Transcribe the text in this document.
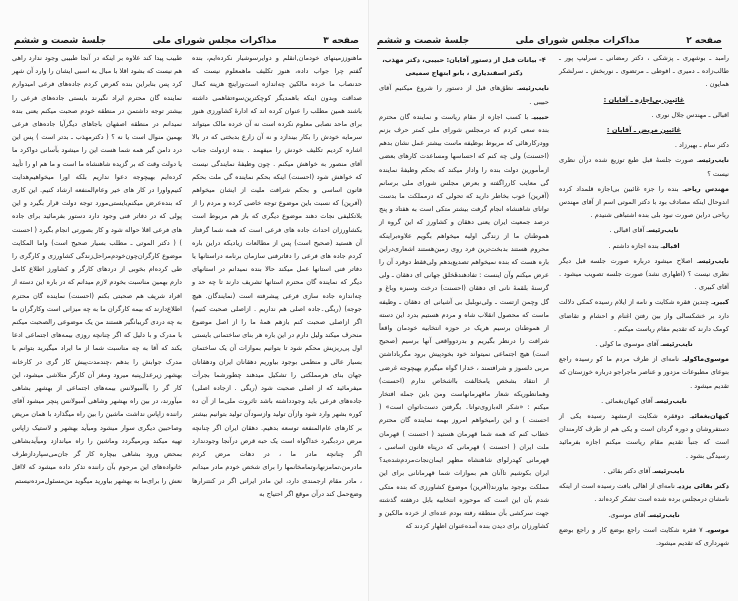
صفحه ۳
مذاکرات مجلس شورای ملی
جلسهٔ شصت و ششم

ماهنوززمینهای خودمان,انقلم و دوایرسوشیار نکرده‌ایم، بنده گفتم چرا جواب داده، هنوز تکلیف ماهمعلوم نیست که حدنصاب ما خرده مالکین چه‌اندازه است‌وزاینچ هزینه کمال صداقت وبدون اینکه باهمدیگر کوچکترین‌سوءتفاهمی داشته باشند همین مطلب را عنوان کرده اند که ادارهٔ کشاورزی هنوز برای ماحد نصابی معلوم نکرده است نه آن خرده مالک میتواند سرمایه خودش را بکار بیندازد و نه آن زارع بدبختی که در بالا اشاره کردیم تکلیف خودش را میفهمد . بنده ازدولت جناب آقای منصور به خواهش میکنم . چون وظیفهٔ نمایندگی نیست که خواهش شود (احسنت) اینکه بحکم نماینده گی ملت بحکم قانون اساسی و بحکم شرافت ملیت از ایشان میخواهم (آفرین) که نسبت باین موضوع توجه خاصی کرده و مردم را از بلاتکلیفی نجات دهند موضوع دیگری که باز هم مربوط است بکشاورزان احداث جاده های فرعی است که همه شما گرفتار آن هستید (صحیح است) پس از مطالعات زیادیکه دراین باره کردم جاده های فرعی را دفاترفنی سازمان برنامه دراستانها یا دفاتر فنی استانها عمل میکند حالا بنده نمیدانم در استانهای دیگر که نماینده گان محترم استانها تشریف دارند تا چه حد و چه‌اندازه جاده سازی فرعی پیشرفته است (نمایندگان. هیچ جوجه) (ریگی۔جاده اصلی هم نداریم . ازاصلی صحبت کنیم) اگر ازاصلی صحبت کنم بازهم همهٔ ما را از اصل موضوع منحرف میکند ولیل دارم در این باره هر بنای ساختمانی بایستی اول پی‌ریزیش محکم شود تا بتوانیم بموازات آن یک ساختمان بسیار عالی و منظمی بوجود بیاوریم دهقانان ایران ودهقانان جهان بنای هرمملکتی را تشکیل میدهند چطورشما بجرأت میفرمائید که از اصلی صحبت شود (ریگی . ازجاده اصلی) جاده‌های فرعی باید وجودداشته باشد تاثروت ملی‌ما از آن ده کوره بشهر وارد شود وازآن تولید وازسودآن تولید بتوانیم بیشتر بر کارهای عام‌المنفعه توسعه بدهیم. دهقان ایران اگر چنانچه مرض دردبگیرد خداگواه است یک حبه قرص درآنجا وجودندارد اگر چنانچه مادر ما ، در دهات مرض کردم مادرمن،تمامزنها،وتمامخانمها را برای شخص خودم مادر میدانم ، مادر مقام ارجمندی دارد، این مادر ایرانی اگر در کنتنرارها وضع‌حمل کند درآن موقع اگر احتیاج به

طبیب پیدا کند علاوه بر اینکه در آنجا طبیبی وجود ندارد راهی هم نیست که بشود اقلا با مبال به اسبی ایشان را وارد آن شهر کرد پس بنابراین بنده کعرض کردم جاده‌های فرعی امیدوارم نماینده گان محترم ایراد نگیرند بایستی جاده‌های فرعی را بیشتر توجه داشتمن در منطقه خودم صحبت میکنم یعنی بنده نمیدانم در منطقه اصفهان باجاهای دیگرآیا جاده‌های فرعی بهمین منوال است یا نه ؟ ( دکترمهذب ـ بدتر است ) پس این درد دامن گیر همه شما هست این را میشود بآسانی دواکرد ما یا دولت وقت که بر گزیده شاهنشاه ما است و ما هم او را تأیید کرده‌ایم بهیچوجه دعوا نداریم بلکه اورا میخواهیم‌هدایت کنیم‌واورا در کار های خیر وعام‌المنفعه ارشاد کنیم. این کاری که بنده‌عرض میکنم‌بایستی‌مورد توجه دولت قرار بگیرد و این پولی که در دفاتر فنی وجود دارد دستور بفرمائید برای جاده های فرعی اقلا حواله شود و کار بصورتی انجام بگیرد ( احسنت ) ( دکتر الموتی ـ مطلب بسیار صحیح است) واما المکایت موضوع کارگران‌چون‌خودم‌مراحل‌زندگی کشاورزی و کارگری را طی کرده‌ام بخوبی از دردهای کارگر و کشاورز اطلاع کامل دارم بهمین مناسبت بخودم لازم میدانم که در باره این دسته از افراد شریف هم صحبتی بکنم (احسنت) نماینده گان محترم اطلاع‌دارند که بیمه کارگران ما به چه میزانی است وکارگران ما به چه دردی گریبانگیر هستند من یک موضوعی رالصحبت میکنم با مدرک و با دلیل که اگر چنانچه روزی بیمه‌های اجتماعی ادعا بکند که آقا به چه مناسبت شما از ما ایراد میگیرید بتوانم با مدرک جوابش را بدهم ،چندمدت‌پیش کار گری در کارخانه بهشهر زیرعدل‌پنبه میرود ومغز آن کارگر متلاشی میشود، این کار گر را بآآمبولانس بیمه‌های اجتماعی از بهشهر بشاهی میآورند، در بین راه بهشهر وشاهی آمبولانس پنچر میشود آقای راننده زاپاس نداشت ماشین را بین راه میگذارد با همان مریض وصاحبین دیگری سوار میشود ومیآید بهشهر و لاستیک زاپاس تهیه میکند وبرمیگردد وماشین را راه میاندازد ومیآیدبشاهی بمحض ورود بشاهی بیچاره کار گر جان‌می‌سپاردازطرف خانواده‌های این مرحوم بآن راننده تذکر داده میشود که لااقل نعش را برای‌ما به بهشهر بیاورید میگوید من‌مسئول‌مرده‌نیستم

صفحه ۲
مذاکرات مجلس شورای ملی
جلسهٔ شصت و ششم

رامبد ـ بوشهری ـ پزشکی ، دکتر رمضانی ـ سرلیپ پور ـ طالب‌زاده ـ دمیری ـ افوطی ـ مرتضوی ـ نوربخش ـ سرلشکر همایون .

غائبین بی‌اجازه ـ آقایان :

اقبالی ـ مهندس جلال نوری .

غائبین مریض ـ آقایان :

دکتر سام ـ بهیرزاد .

نایب‌رئیسـ صورت جلسهٔ قبل طبع توزیع شده درآن نظری نیست ؟

مهندس ریاحیـ بنده را جزء غائبین بی‌اجازه قلمداد کرده اندوحال اینکه مصادف بود با دکتر الموتی اسم از آقای مهندس ریاحی دراین صورت نبود بلی بنده اشتباهی شنیدم .

نایب‌رئیسـ آقای اقبالی .

اقبالیـ بنده اجازه داشتم .

نایب‌رئیسـ اصلاح میشود درباره صورت جلسه قبل دیگر نظری نیست ؟ (اظهاری نشد) صورت جلسه تصویب میشود . آقای کبیری .

کبیریـ چندین فقره شکایت و نامه از ایلام رسیده کمکی دلالت دارد بر خشکسالی واز بین رفتن اغنام و احشام و تقاضای کومک دارند که تقدیم مقام ریاست میکنم .

نایب‌رئیسـ آقای موسوی ما کولی .

موسوی‌ماکولیـ نامه‌ای از طرف مردم ما کو رسیده راجع بنوعای مطبوعات مزدور و عناصر ماجراجو درباره خوزستان که تقدیم میشود .

نایب‌رئیسـ آقای کیهان‌بغمائی .

کیهان‌بغمائیـ دوفقره شکایت ازمشهد رسیده یکی از دستفروشان و دوره گردان است و یکی هم از طرف کارمندان است که جنباً تقدیم مقام ریاست میکنم اجازه بفرمائید رسیدگی بشود .

نایب‌رئیسـ آقای دکتر بقائی .

دکتر بقائی یزدیـ نامه‌ای از اهالی بافت رسیده است از اینکه نامشان درمجلس برده شده است تشکر کرده‌اند .

نایب‌رئیسـ آقای موسوی.

موسویـ ۷ فقره شکایت است راجع بوضع کار و راجع بوضع شهرداری که تقدیم میشود.

۴- بیانات قبل از دستور آقایان: حبیبی، دکتر مهذب، دکتر اسفندیاری ، بانو ابتهاج سمیعی

نایب‌رئیسـ نطق‌های قبل از دستور را شروع میکنیم آقای حبیبی .

حبیبیـ با کسب اجازه از مقام ریاست و نماینده گان محترم بنده سعی کردم که درمجلس شورای ملی کمتر حرف بزنم وودرکارهائی که مربوط بوظیفه ماست بیشتر عمل نشان بدهم (احسنت) ولی چه کنم که احساسها ومساعدت کارهای بعضی ازمأمورین دولت بنده را وادار میکند که بحکم وظیفهٔ نماینده گی معایب کارراگفته و بعرض مجلس شورای ملی برسانم (آفرین) خوب بخاطر دارید که تحولی که درمملکت ما بدست توانای شاهنشاه انجام گرفت بیشتر متکی است به هفتاد و پنج درصد جمعیت ایران یعنی دهقان و کشاورز که این گروه از هموطنان ما از زندگی اولیه میخواهم بگویم علاوه‌براینکه محروم هستند بدبخت‌ترین فرد روی زمین‌هستند اشعاری‌دراین باره هست که بنده نمیخواهم تصدیع‌بدهم ولی‌فقط دوفرد آن را عرض میکنم وآن اینست : تفادهندهٔخلق جهانی ای دهقان ـ ولی گرسنهٔ بلقمهٔ نانی ای دهقان (احسنت) درخت وسبزه وباغ و گل وچمن ازتست ـ ولی‌نوبلبل بی آشیانی ای دهقان ـ وظیفه ماست که محصول انقلاب شاه و مردم هستیم بدرد این دسته از هموطنان برسیم هریک در حوزه انتخابیه خودمان واقعاً شرافت را درنظر بگیریم و بدردوواقعی آنها برسیم (صحیح است) هیچ اجتماعی نمیتواند خود بخودپیش برود مگرباداشتن مربی دلسوز و شرافتمند ، خدارا گواه میگیرم بهیچوجه غرضی از انتقاد بشخص یامخالفت بااشخاص ندارم (احسنت) وهمانطوریکه شعار ماقهرمانهاست ومن باین جمله افتخار میکنم : «شکر اله‌بازوی‌توانا۔ بگرفتن دست‌ناتوان است» ( احسنت ) و این رامیخواهم امروز بهمه نماینده گان محترم خطاب کنم که همه شما قهرمان هستید ( احسنت ) قهرمان ملت ایران ( احسنت ) قهرمانی که درپناه قانون اساسی ، قهرمانی کهدرلوای شاهنشاه مظهر ایمان‌نجات‌مردم‌شده‌ید؟ ایران بکوشیم تاآنان هم بموازات شما قهرمانانی برای این مملکت بوجود بیاورند(آفرین) موضوع کشاورزی که بنده متکی شدم بآن این است که موحوزه انتخابیه بابل درهفته گذشته جهت سرکشی بآن منطقه رفته بودم عده‌ای از خرده مالکین و کشاورزان برای دیدن بنده آمده‌عنوان اظهار کردند که
